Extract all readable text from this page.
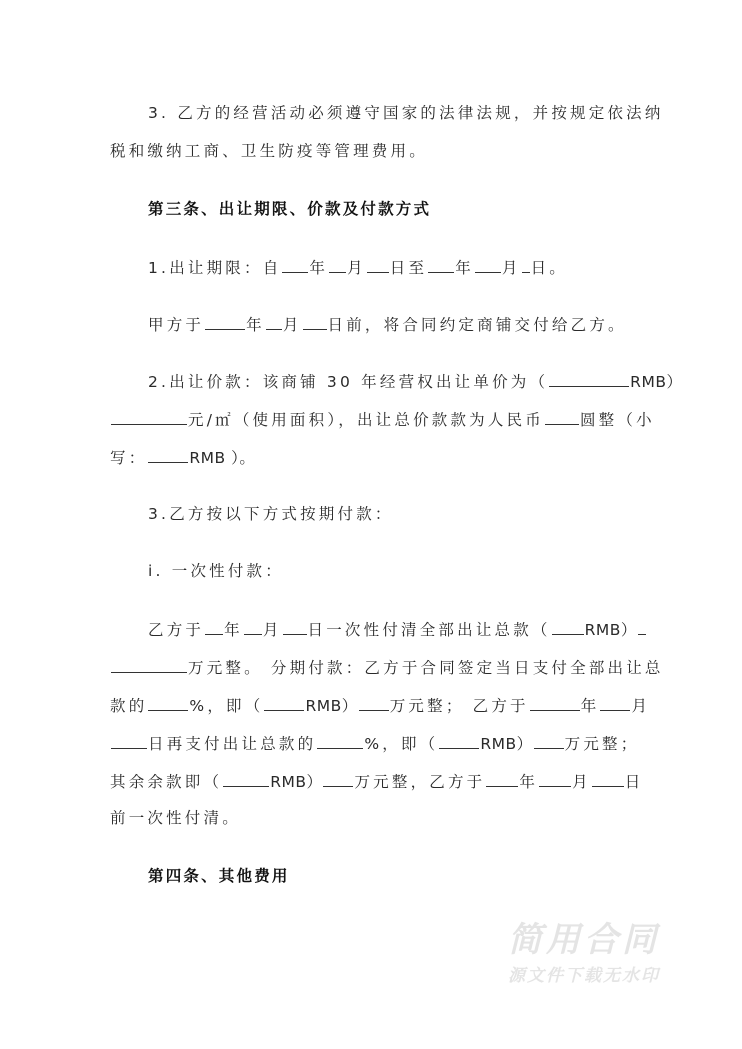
3. 乙方的经营活动必须遵守国家的法律法规，并按规定依法纳
税和缴纳工商、卫生防疫等管理费用。
第三条、出让期限、价款及付款方式
1.出让期限：自 年 月 日至 年 月 日。
甲方于	年 月 日前，将合同约定商铺交付给乙方。
2.出让价款：该商铺 30 年经营权出让单价为（	RMB）
元/㎡（使用面积），出让总价款款为人民币 圆整（小
写：	RMB ）。
3.乙方按以下方式按期付款：
i. 一次性付款：
乙方于 年 月 日一次性付清全部出让总款（ RMB）
万元整。 分期付款：乙方于合同签定当日支付全部出让总
款的	%，即（	RMB） 万元整； 乙方于	年 月
日再支付出让总款的	%，即（	RMB） 万元整；
其余余款即（	RMB） 万元整，乙方于 年 月 日
前一次性付清。
第四条、其他费用
简用合同
源文件下载无水印
